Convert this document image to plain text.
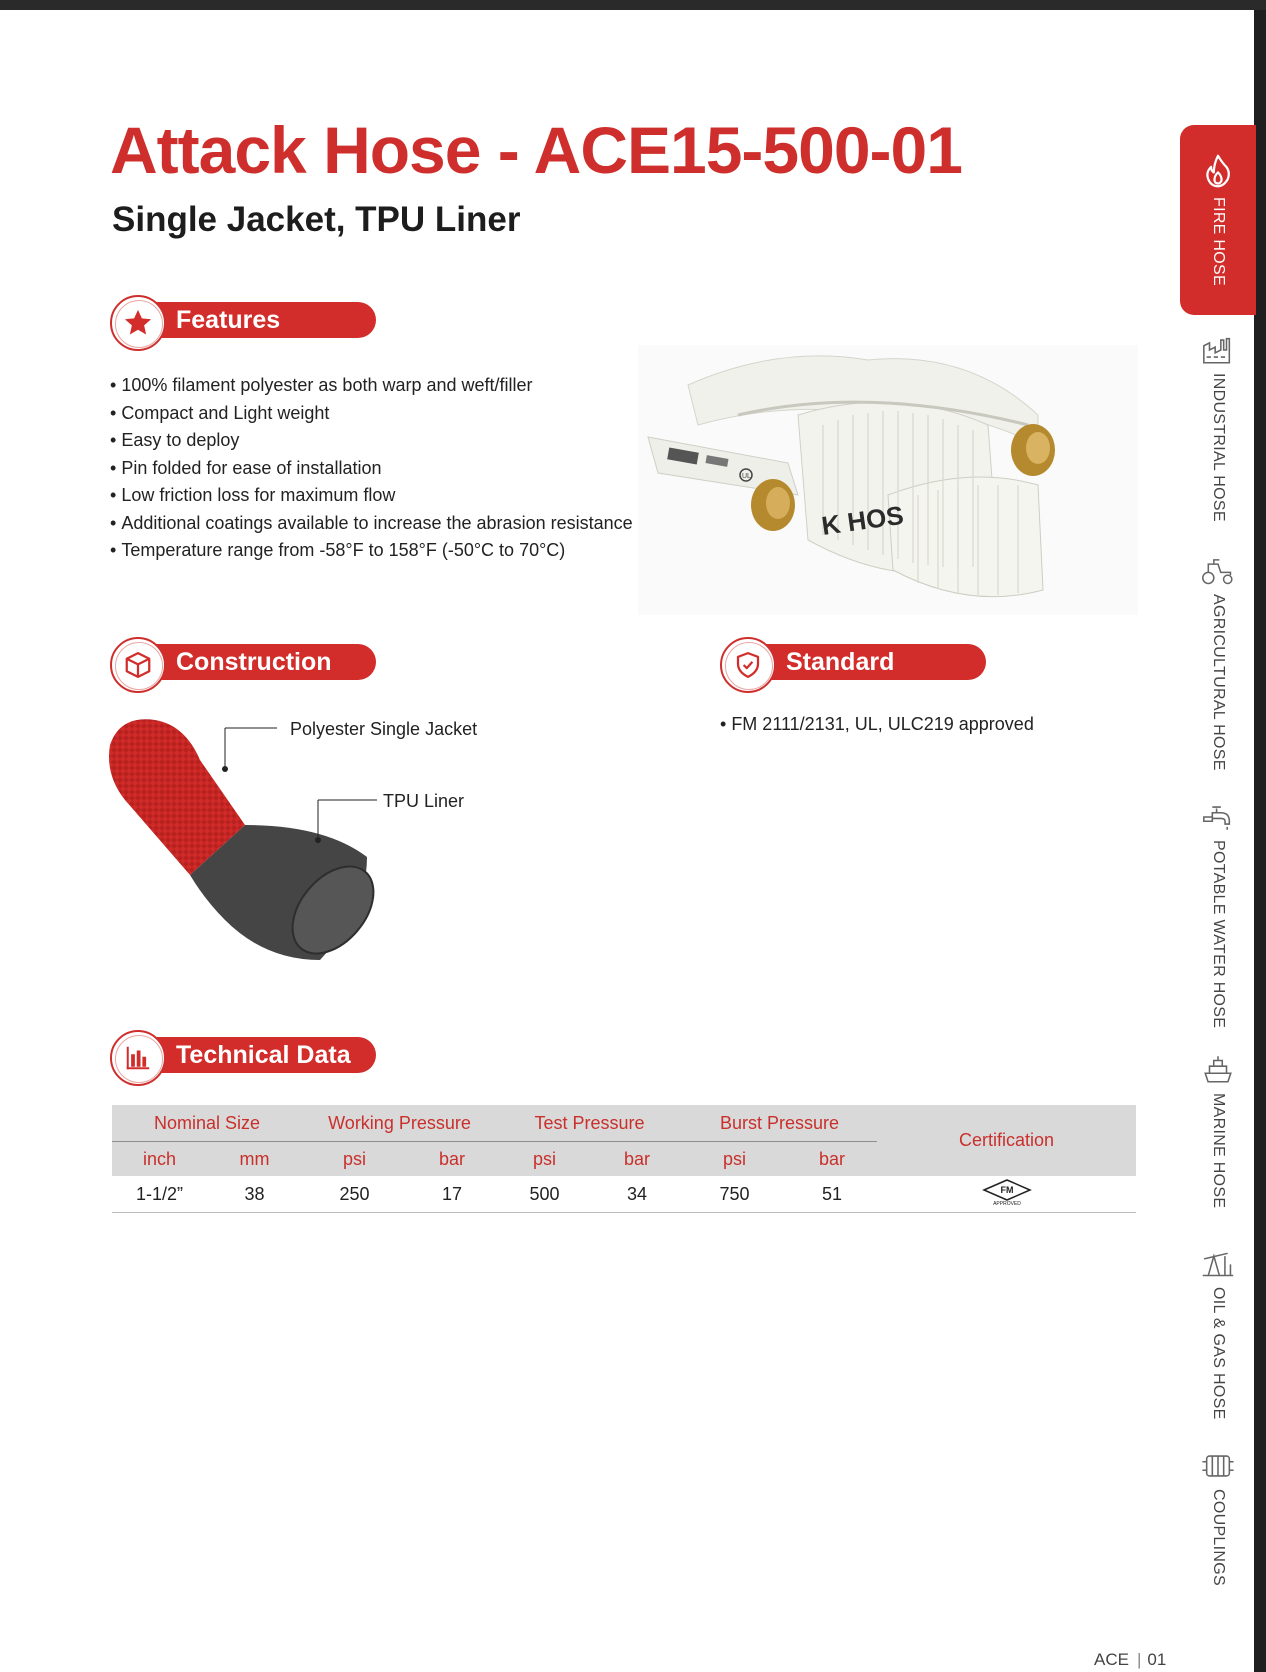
Attack Hose - ACE15-500-01
Single Jacket, TPU Liner
Features
• 100% filament polyester as both warp and weft/filler
• Compact and Light weight
• Easy to deploy
• Pin folded for ease of installation
• Low friction loss for maximum flow
• Additional coatings available to increase the abrasion resistance
• Temperature range from -58°F to 158°F (-50°C to 70°C)
UL
K HOS
Construction
Polyester Single Jacket
TPU Liner
Standard
• FM 2111/2131, UL, ULC219 approved
Technical Data
Nominal Size		Working Pressure		Test Pressure		Burst Pressure		Certification
inch	mm	psi	bar	psi	bar	psi	bar	
1-1/2”	38	250	17	500	34	750	51	FM
APPROVED
FIRE HOSE
INDUSTRIAL HOSE
AGRICULTURAL HOSE
POTABLE WATER HOSE
MARINE HOSE
OIL & GAS HOSE
COUPLINGS
ACE | 01
